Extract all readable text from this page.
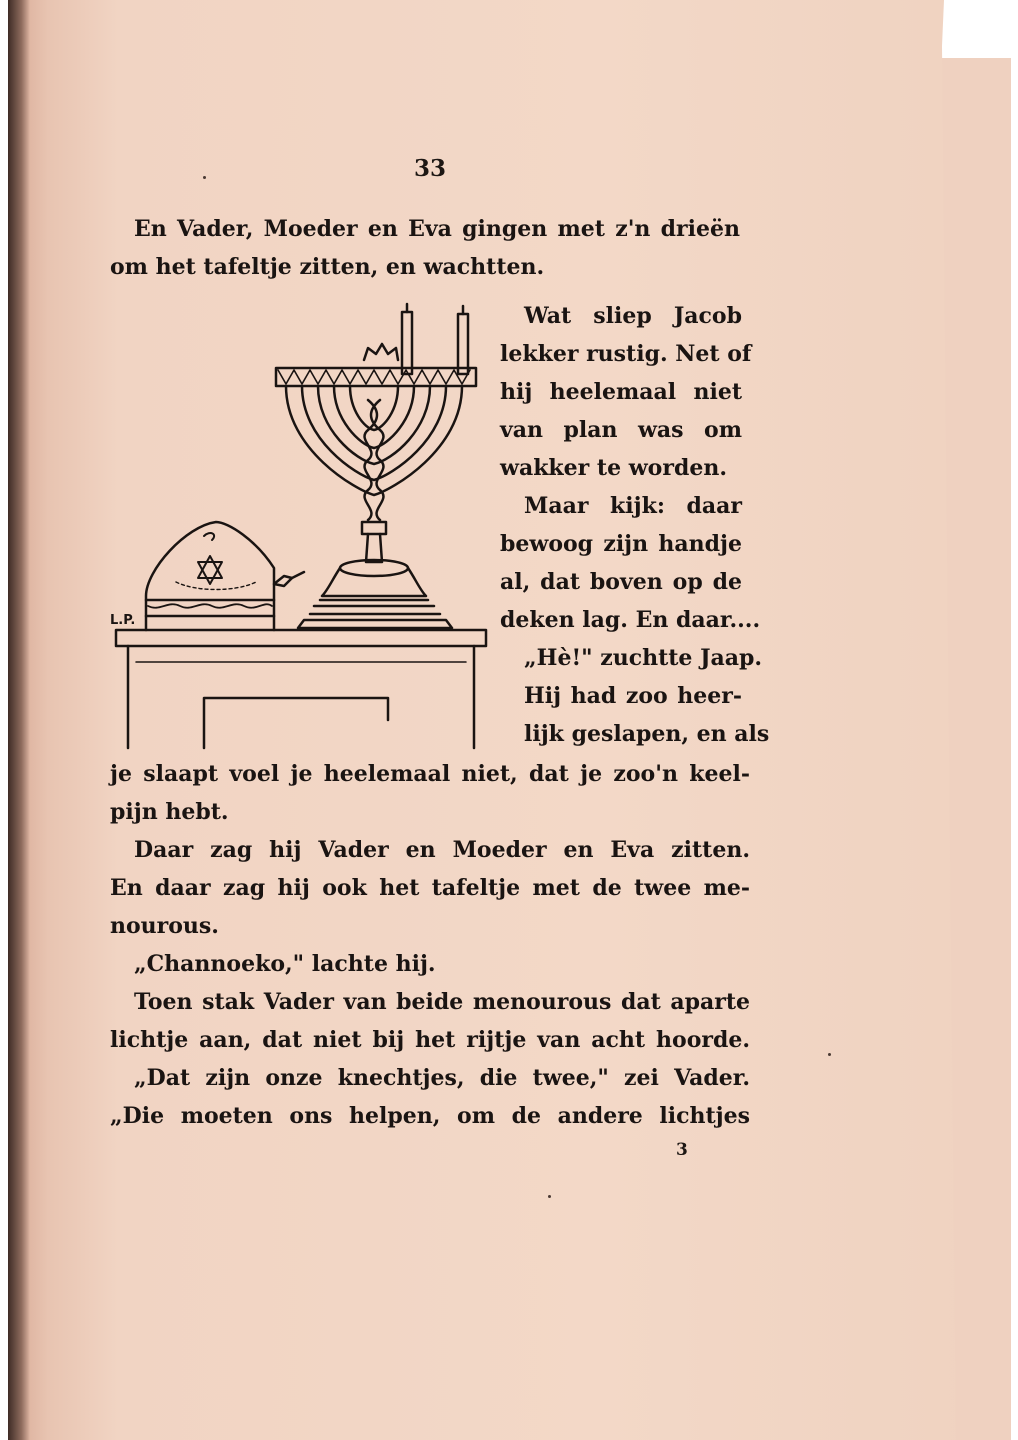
33
En Vader, Moeder en Eva gingen met z'n drieën
om het tafeltje zitten, en wachtten.
L.P.
Wat sliep Jacob
lekker rustig. Net of
hij heelemaal niet
van plan was om
wakker te worden.
Maar kijk: daar
bewoog zijn handje
al, dat boven op de
deken lag. En daar....
„Hè!" zuchtte Jaap.
Hij had zoo heer-
lijk geslapen, en als
je slaapt voel je heelemaal niet, dat je zoo'n keel-
pijn hebt.
Daar zag hij Vader en Moeder en Eva zitten.
En daar zag hij ook het tafeltje met de twee me-
nourous.
„Channoeko," lachte hij.
Toen stak Vader van beide menourous dat aparte
lichtje aan, dat niet bij het rijtje van acht hoorde.
„Dat zijn onze knechtjes, die twee," zei Vader.
„Die moeten ons helpen, om de andere lichtjes
3
